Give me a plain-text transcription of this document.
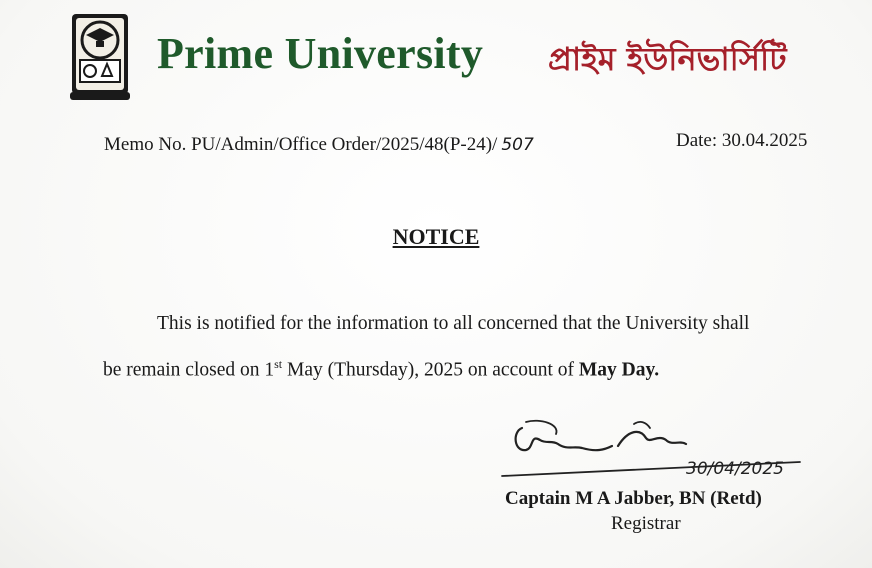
Prime University প্রাইম ইউনিভার্সিটি
Memo No. PU/Admin/Office Order/2025/48(P-24)/ 507	Date: 30.04.2025
NOTICE
This is notified for the information to all concerned that the University shall
be remain closed on 1st May (Thursday), 2025 on account of May Day.
30/04/2025
Captain M A Jabber, BN (Retd)
Registrar
